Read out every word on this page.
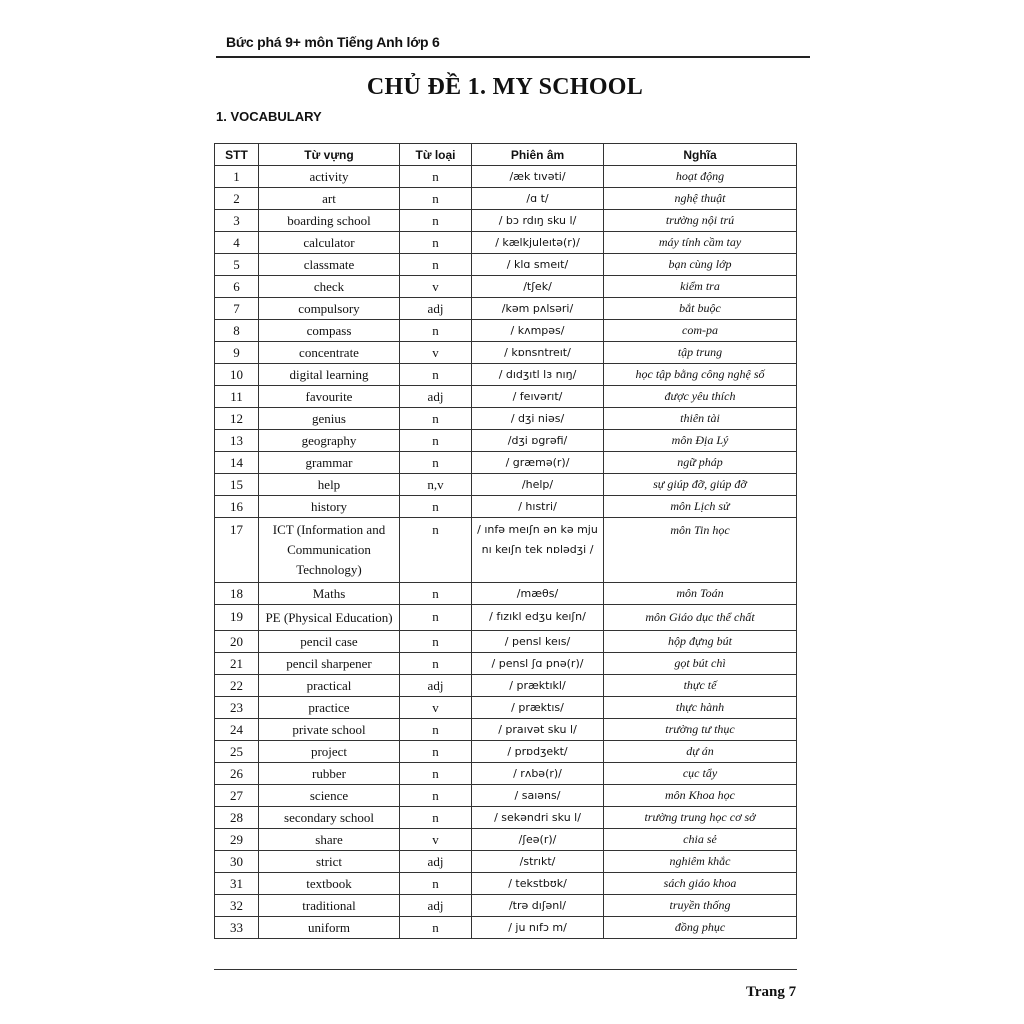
Bức phá 9+ môn Tiếng Anh lớp 6
CHỦ ĐỀ 1. MY SCHOOL
1. VOCABULARY
STT	Từ vựng	Từ loại	Phiên âm	Nghĩa
1	activity	n	/æk tıvəti/	hoạt động
2	art	n	/ɑ t/	nghệ thuật
3	boarding school	n	/ bɔ rdıŋ sku l/	trường nội trú
4	calculator	n	/ kælkjuleıtə(r)/	máy tính cầm tay
5	classmate	n	/ klɑ smeıt/	bạn cùng lớp
6	check	v	/tʃek/	kiểm tra
7	compulsory	adj	/kəm pʌlsəri/	bắt buộc
8	compass	n	/ kʌmpəs/	com-pa
9	concentrate	v	/ kɒnsntreıt/	tập trung
10	digital learning	n	/ dıdʒıtl lɜ nıŋ/	học tập bằng công nghệ số
11	favourite	adj	/ feıvərıt/	được yêu thích
12	genius	n	/ dʒi niəs/	thiên tài
13	geography	n	/dʒi ɒgrəfi/	môn Địa Lý
14	grammar	n	/ græmə(r)/	ngữ pháp
15	help	n,v	/help/	sự giúp đỡ, giúp đỡ
16	history	n	/ hıstri/	môn Lịch sử
17	ICT (Information and Communication Technology)	n	/ ınfə meıʃn ən kə mju nı keıʃn tek nɒlədʒi /	môn Tin học
18	Maths	n	/mæθs/	môn Toán
19	PE (Physical Education)	n	/ fızıkl edʒu keıʃn/	môn Giáo dục thể chất
20	pencil case	n	/ pensl keıs/	hộp đựng bút
21	pencil sharpener	n	/ pensl ʃɑ pnə(r)/	gọt bút chì
22	practical	adj	/ præktıkl/	thực tế
23	practice	v	/ præktıs/	thực hành
24	private school	n	/ praıvət sku l/	trường tư thục
25	project	n	/ prɒdʒekt/	dự án
26	rubber	n	/ rʌbə(r)/	cục tẩy
27	science	n	/ saıəns/	môn Khoa học
28	secondary school	n	/ sekəndri sku l/	trường trung học cơ sở
29	share	v	/ʃeə(r)/	chia sẻ
30	strict	adj	/strıkt/	nghiêm khắc
31	textbook	n	/ tekstbʊk/	sách giáo khoa
32	traditional	adj	/trə dıʃənl/	truyền thống
33	uniform	n	/ ju nıfɔ m/	đồng phục
Trang 7
